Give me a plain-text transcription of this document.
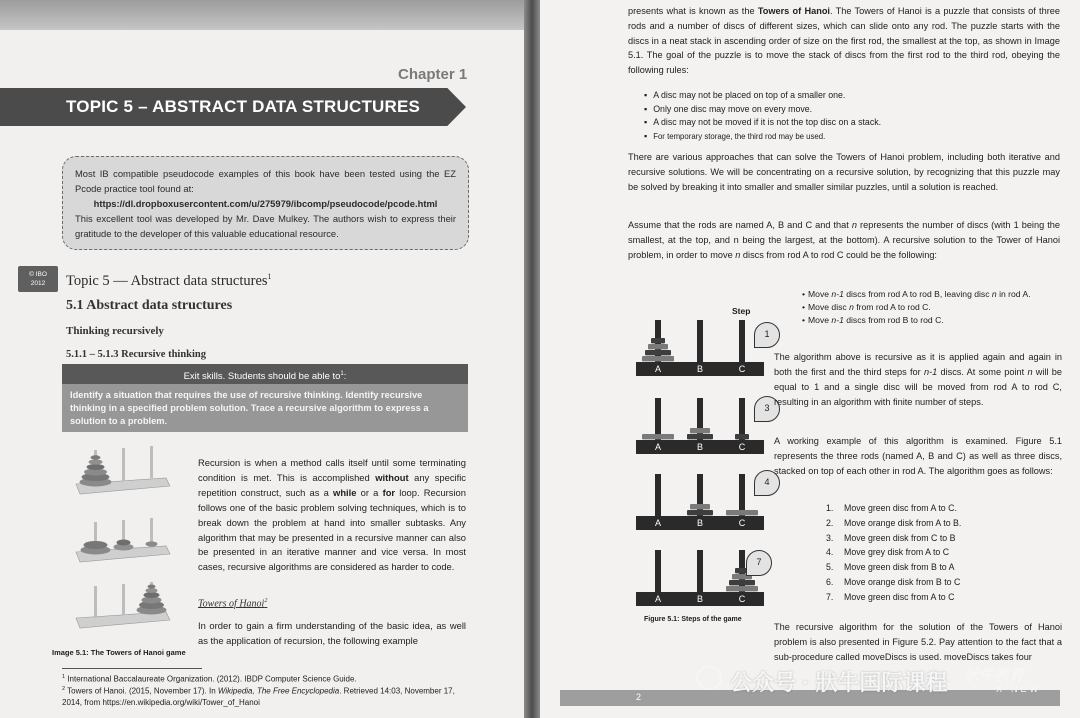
Chapter 1
TOPIC 5 – ABSTRACT DATA STRUCTURES
Most IB compatible pseudocode examples of this book have been tested using the EZ Pcode practice tool found at:
https://dl.dropboxusercontent.com/u/275979/ibcomp/pseudocode/pcode.html
This excellent tool was developed by Mr. Dave Mulkey. The authors wish to express their gratitude to the developer of this valuable educational resource.
© IBO
2012	Topic 5 — Abstract data structures$^1$
5.1 Abstract data structures
Thinking recursively
5.1.1 – 5.1.3 Recursive thinking
Exit skills. Students should be able $to^1$:
Identify a situation that requires the use of recursive thinking. Identify recursive thinking in a specified problem solution. Trace a recursive algorithm to express a solution to a problem.
Image 5.1: The Towers of Hanoi game
Recursion is when a method calls itself until some terminating condition is met. This is accomplished without any specific repetition construct, such as a while or a for loop. Recursion follows one of the basic problem solving techniques, which is to break down the problem at hand into smaller subtasks. Any algorithm that may be presented in a recursive manner can also be presented in an iterative manner and vice versa. In most cases, recursive algorithms are considered as harder to code.
Towers of Hanoi$^2$
In order to gain a firm understanding of the basic idea, as well as the application of recursion, the following example
$^1$ International Baccalaureate Organization. (2012). IBDP Computer Science Guide.
$^2$ Towers of Hanoi. (2015, November 17). In Wikipedia, The Free Encyclopedia. Retrieved 14:03, November 17, 2014, from https://en.wikipedia.org/wiki/Tower_of_Hanoi
presents what is known as the Towers of Hanoi. The Towers of Hanoi is a puzzle that consists of three rods and a number of discs of different sizes, which can slide onto any rod. The puzzle starts with the discs in a neat stack in ascending order of size on the first rod, the smallest at the top, as shown in Image 5.1. The goal of the puzzle is to move the stack of discs from the first rod to the third rod, obeying the following rules:
▪ A disc may not be placed on top of a smaller one.
▪ Only one disc may move on every move.
▪ A disc may not be moved if it is not the top disc on a stack.
▪ For temporary storage, the third rod may be used.
There are various approaches that can solve the Towers of Hanoi problem, including both iterative and recursive solutions. We will be concentrating on a recursive solution, by recognizing that this puzzle may be solved by breaking it into smaller and smaller similar puzzles, until a solution is reached.
Assume that the rods are named A, B and C and that n represents the number of discs (with 1 being the smallest, at the top, and n being the largest, at the bottom). A recursive solution to the Tower of Hanoi problem, in order to move n discs from rod A to rod C could be the following:
Step
A	B	C
1
A	B	C
3
A	B	C
4
A	B	C
7
Figure 5.1: Steps of the game
• Move n-1 discs from rod A to rod B, leaving disc n in rod A.
• Move disc n from rod A to rod C.
• Move n-1 discs from rod B to rod C.
The algorithm above is recursive as it is applied again and again in both the first and the third steps for n-1 discs. At some point n will be equal to 1 and a single disc will be moved from rod A to rod C, resulting in an algorithm with finite number of steps.
A working example of this algorithm is examined. Figure 5.1 represents the three rods (named A, B and C) as well as three discs, stacked on top of each other in rod A. The algorithm goes as follows:
1. Move green disc from A to C.
2. Move orange disk from A to B.
3. Move green disk from C to B
4. Move grey disk from A to C
5. Move green disk from B to A
6. Move orange disk from B to C
7. Move green disc from A to C
The recursive algorithm for the solution of the Towers of Hanoi problem is also presented in Figure 5.2. Pay attention to the fact that a sub-procedure called moveDiscs is used. moveDiscs takes four
2
公众号 · 狀牛国际课程 狀牛教育
X-NEW
